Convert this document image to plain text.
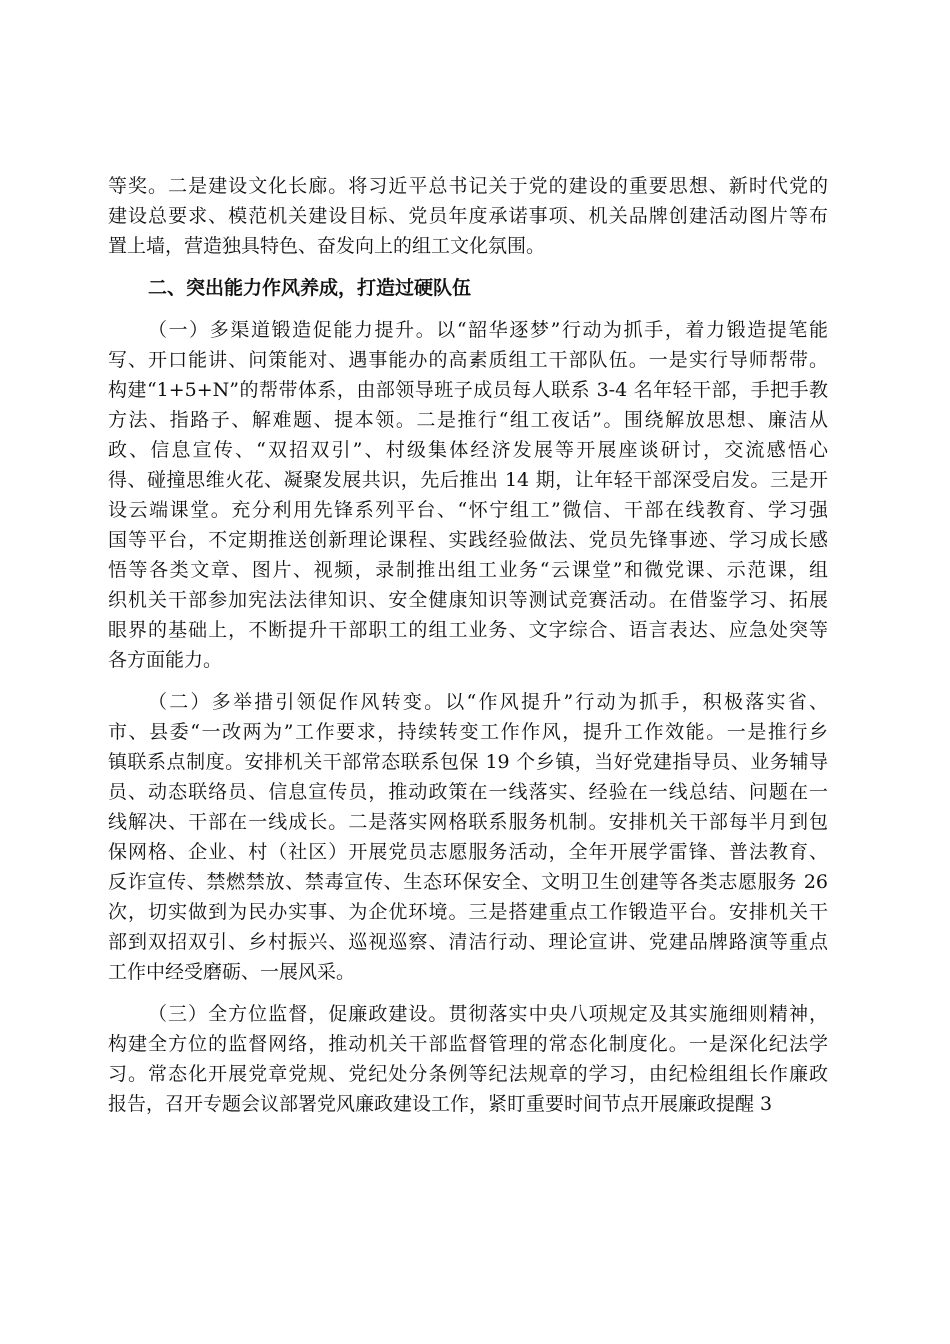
等奖。二是建设文化长廊。将习近平总书记关于党的建设的重要思想、新时代党的
建设总要求、模范机关建设目标、党员年度承诺事项、机关品牌创建活动图片等布
置上墙，营造独具特色、奋发向上的组工文化氛围。
二、突出能力作风养成，打造过硬队伍
（一）多渠道锻造促能力提升。以“韶华逐梦”行动为抓手，着力锻造提笔能
写、开口能讲、问策能对、遇事能办的高素质组工干部队伍。一是实行导师帮带。
构建“1+5+N”的帮带体系，由部领导班子成员每人联系 3-4 名年轻干部，手把手教
方法、指路子、解难题、提本领。二是推行“组工夜话”。围绕解放思想、廉洁从
政、信息宣传、“双招双引”、村级集体经济发展等开展座谈研讨，交流感悟心
得、碰撞思维火花、凝聚发展共识，先后推出 14 期，让年轻干部深受启发。三是开
设云端课堂。充分利用先锋系列平台、“怀宁组工”微信、干部在线教育、学习强
国等平台，不定期推送创新理论课程、实践经验做法、党员先锋事迹、学习成长感
悟等各类文章、图片、视频，录制推出组工业务“云课堂”和微党课、示范课，组
织机关干部参加宪法法律知识、安全健康知识等测试竞赛活动。在借鉴学习、拓展
眼界的基础上，不断提升干部职工的组工业务、文字综合、语言表达、应急处突等
各方面能力。
（二）多举措引领促作风转变。以“作风提升”行动为抓手，积极落实省、
市、县委“一改两为”工作要求，持续转变工作作风，提升工作效能。一是推行乡
镇联系点制度。安排机关干部常态联系包保 19 个乡镇，当好党建指导员、业务辅导
员、动态联络员、信息宣传员，推动政策在一线落实、经验在一线总结、问题在一
线解决、干部在一线成长。二是落实网格联系服务机制。安排机关干部每半月到包
保网格、企业、村（社区）开展党员志愿服务活动，全年开展学雷锋、普法教育、
反诈宣传、禁燃禁放、禁毒宣传、生态环保安全、文明卫生创建等各类志愿服务 26
次，切实做到为民办实事、为企优环境。三是搭建重点工作锻造平台。安排机关干
部到双招双引、乡村振兴、巡视巡察、清洁行动、理论宣讲、党建品牌路演等重点
工作中经受磨砺、一展风采。
（三）全方位监督，促廉政建设。贯彻落实中央八项规定及其实施细则精神，
构建全方位的监督网络，推动机关干部监督管理的常态化制度化。一是深化纪法学
习。常态化开展党章党规、党纪处分条例等纪法规章的学习，由纪检组组长作廉政
报告，召开专题会议部署党风廉政建设工作，紧盯重要时间节点开展廉政提醒 3
